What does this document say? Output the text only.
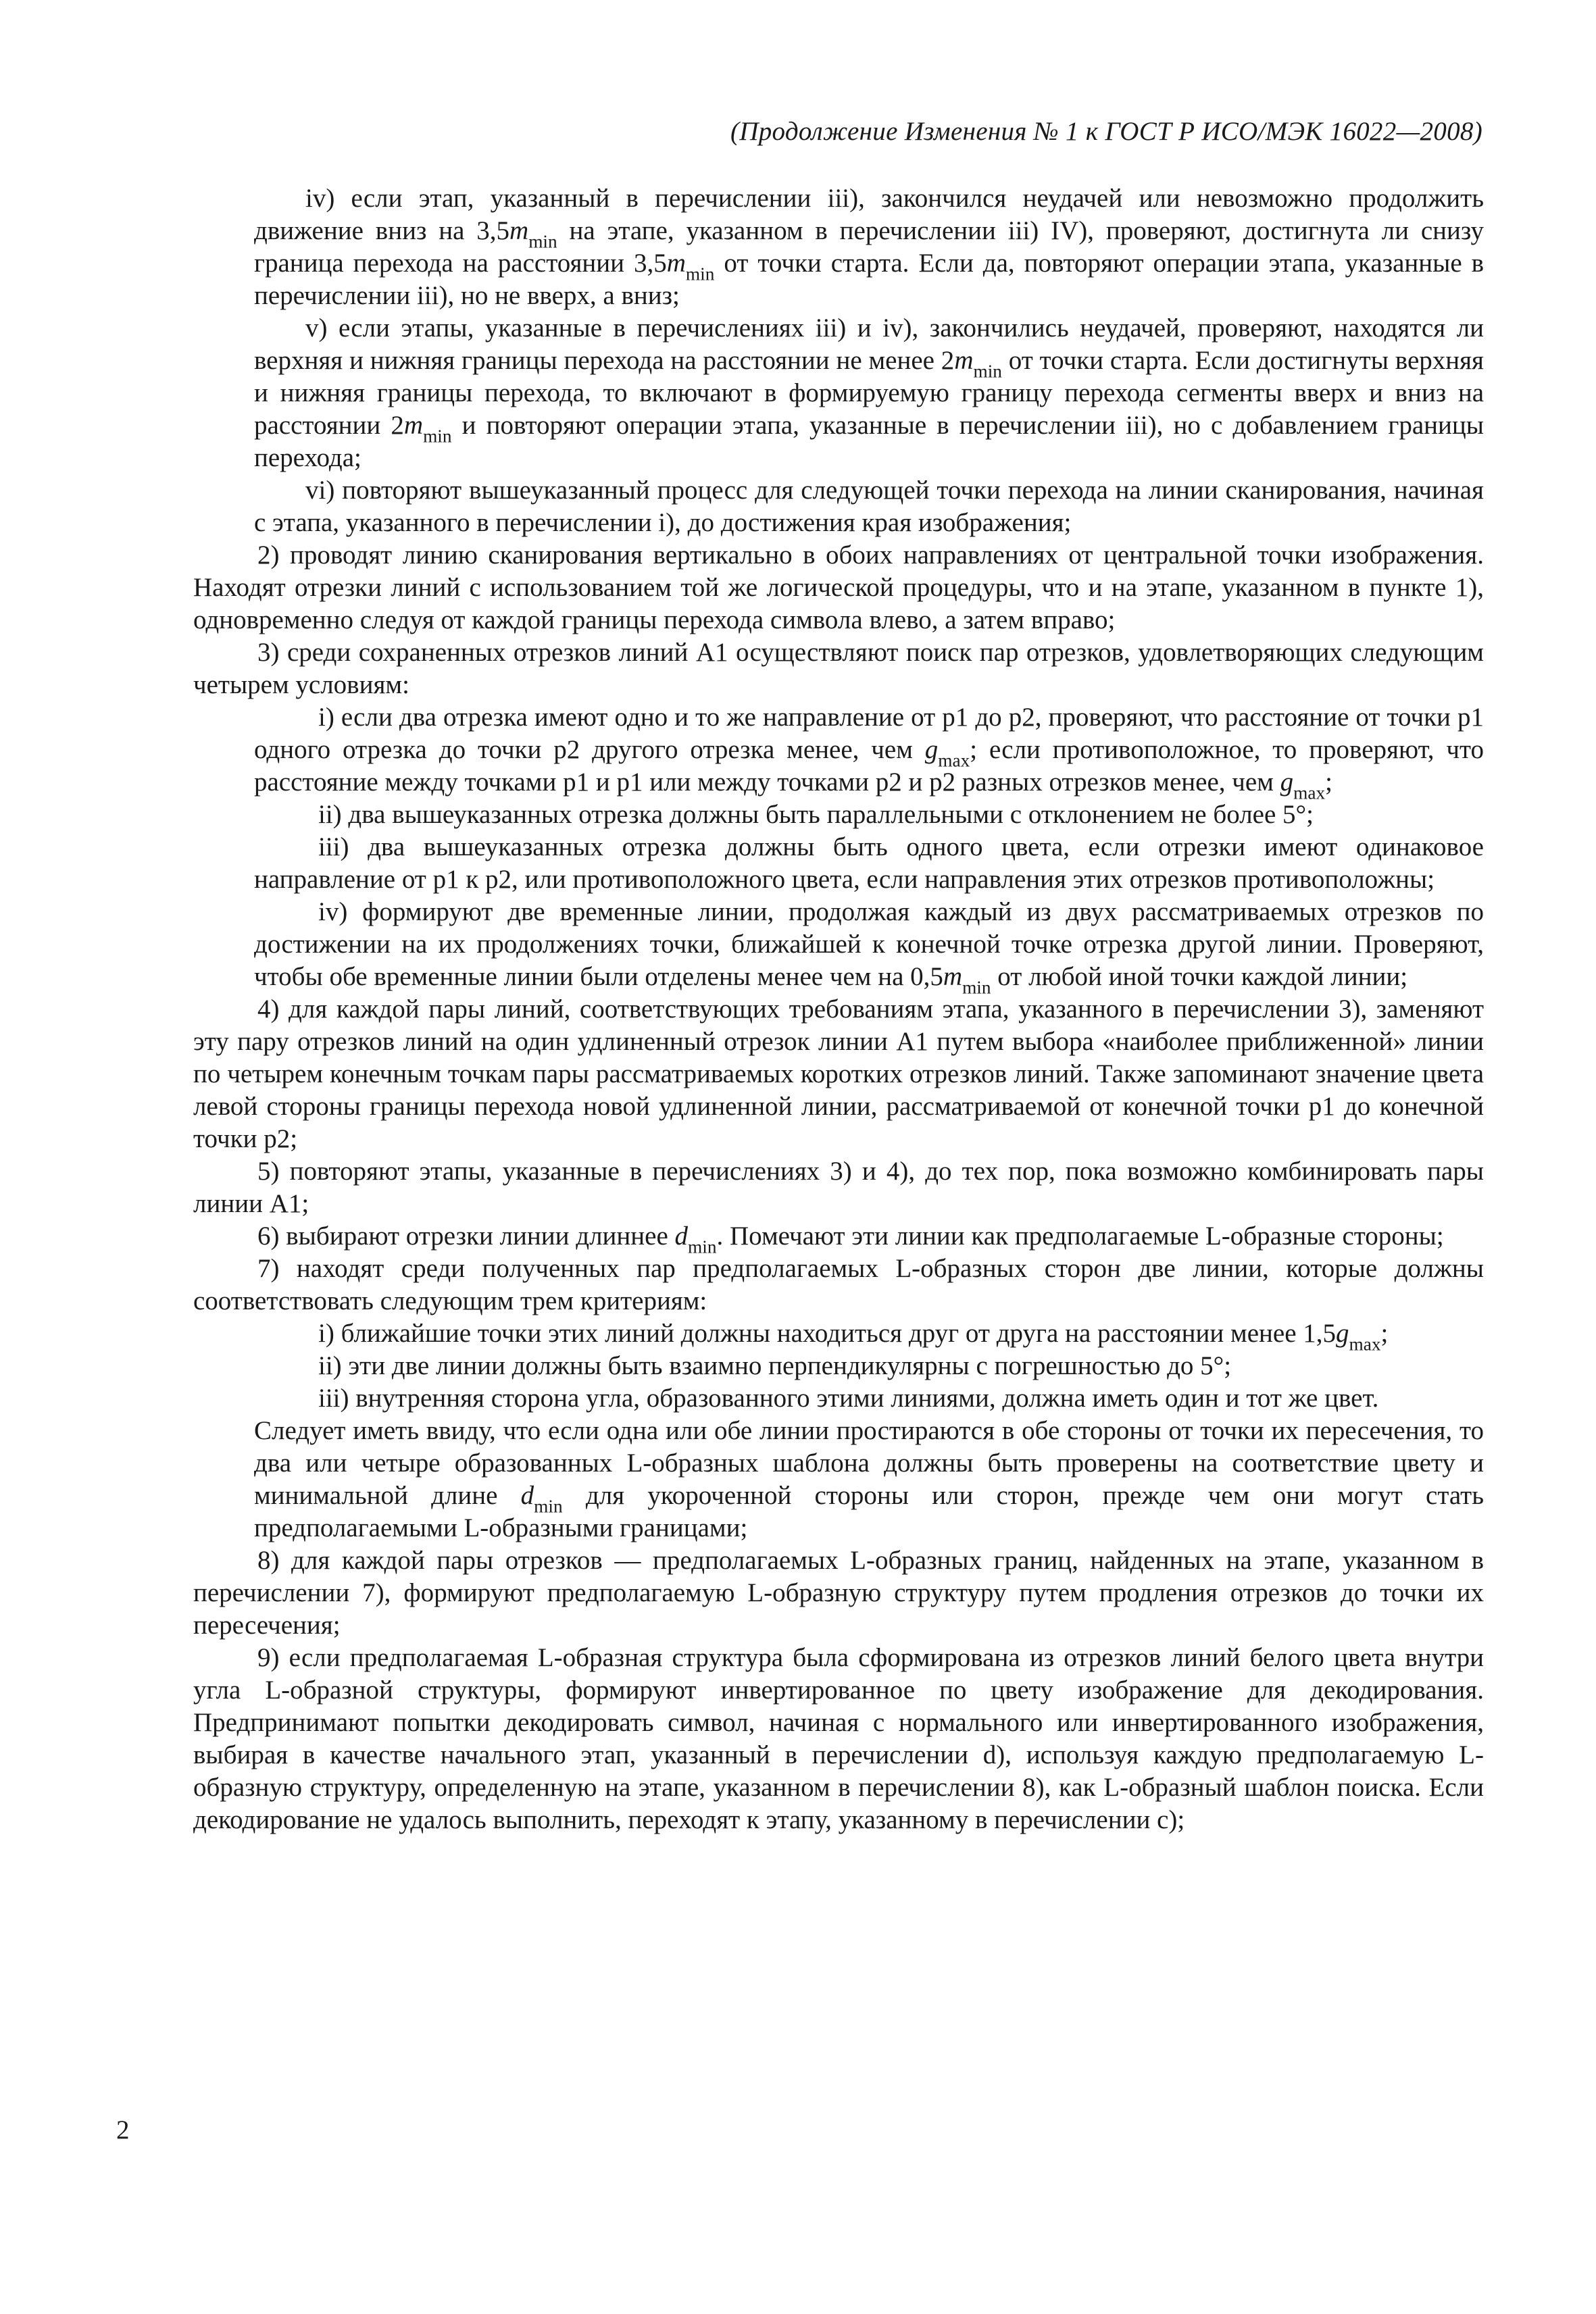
(Продолжение Изменения № 1 к ГОСТ Р ИСО/МЭК 16022—2008)

iv) если этап, указанный в перечислении iii), закончился неудачей или невозможно продолжить движение вниз на $3,5m_{min}$ на этапе, указанном в перечислении iii) IV), проверяют, достигнута ли снизу граница перехода на расстоянии $3,5m_{min}$ от точки старта. Если да, повторяют операции этапа, указанные в перечислении iii), но не вверх, а вниз;

v) если этапы, указанные в перечислениях iii) и iv), закончились неудачей, проверяют, находятся ли верхняя и нижняя границы перехода на расстоянии не менее $2m_{min}$ от точки старта. Если достигнуты верхняя и нижняя границы перехода, то включают в формируемую границу перехода сегменты вверх и вниз на расстоянии $2m_{min}$ и повторяют операции этапа, указанные в перечислении iii), но с добавлением границы перехода;

vi) повторяют вышеуказанный процесс для следующей точки перехода на линии сканирования, начиная с этапа, указанного в перечислении i), до достижения края изображения;

2) проводят линию сканирования вертикально в обоих направлениях от центральной точки изображения. Находят отрезки линий с использованием той же логической процедуры, что и на этапе, указанном в пункте 1), одновременно следуя от каждой границы перехода символа влево, а затем вправо;

3) среди сохраненных отрезков линий A1 осуществляют поиск пар отрезков, удовлетворяющих следующим четырем условиям:

i) если два отрезка имеют одно и то же направление от p1 до p2, проверяют, что расстояние от точки p1 одного отрезка до точки p2 другого отрезка менее, чем $g_{max}$; если противоположное, то проверяют, что расстояние между точками p1 и p1 или между точками p2 и p2 разных отрезков менее, чем $g_{max}$;

ii) два вышеуказанных отрезка должны быть параллельными с отклонением не более 5°;

iii) два вышеуказанных отрезка должны быть одного цвета, если отрезки имеют одинаковое направление от p1 к p2, или противоположного цвета, если направления этих отрезков противоположны;

iv) формируют две временные линии, продолжая каждый из двух рассматриваемых отрезков по достижении на их продолжениях точки, ближайшей к конечной точке отрезка другой линии. Проверяют, чтобы обе временные линии были отделены менее чем на $0,5m_{min}$ от любой иной точки каждой линии;

4) для каждой пары линий, соответствующих требованиям этапа, указанного в перечислении 3), заменяют эту пару отрезков линий на один удлиненный отрезок линии A1 путем выбора «наиболее приближенной» линии по четырем конечным точкам пары рассматриваемых коротких отрезков линий. Также запоминают значение цвета левой стороны границы перехода новой удлиненной линии, рассматриваемой от конечной точки p1 до конечной точки p2;

5) повторяют этапы, указанные в перечислениях 3) и 4), до тех пор, пока возможно комбинировать пары линии A1;

6) выбирают отрезки линии длиннее $d_{min}$. Помечают эти линии как предполагаемые L-образные стороны;

7) находят среди полученных пар предполагаемых L-образных сторон две линии, которые должны соответствовать следующим трем критериям:

i) ближайшие точки этих линий должны находиться друг от друга на расстоянии менее $1,5g_{max}$;

ii) эти две линии должны быть взаимно перпендикулярны с погрешностью до 5°;

iii) внутренняя сторона угла, образованного этими линиями, должна иметь один и тот же цвет.

Следует иметь ввиду, что если одна или обе линии простираются в обе стороны от точки их пересечения, то два или четыре образованных L-образных шаблона должны быть проверены на соответствие цвету и минимальной длине $d_{min}$ для укороченной стороны или сторон, прежде чем они могут стать предполагаемыми L-образными границами;

8) для каждой пары отрезков — предполагаемых L-образных границ, найденных на этапе, указанном в перечислении 7), формируют предполагаемую L-образную структуру путем продления отрезков до точки их пересечения;

9) если предполагаемая L-образная структура была сформирована из отрезков линий белого цвета внутри угла L-образной структуры, формируют инвертированное по цвету изображение для декодирования. Предпринимают попытки декодировать символ, начиная с нормального или инвертированного изображения, выбирая в качестве начального этап, указанный в перечислении d), используя каждую предполагаемую L-образную структуру, определенную на этапе, указанном в перечислении 8), как L-образный шаблон поиска. Если декодирование не удалось выполнить, переходят к этапу, указанному в перечислении c);

2
